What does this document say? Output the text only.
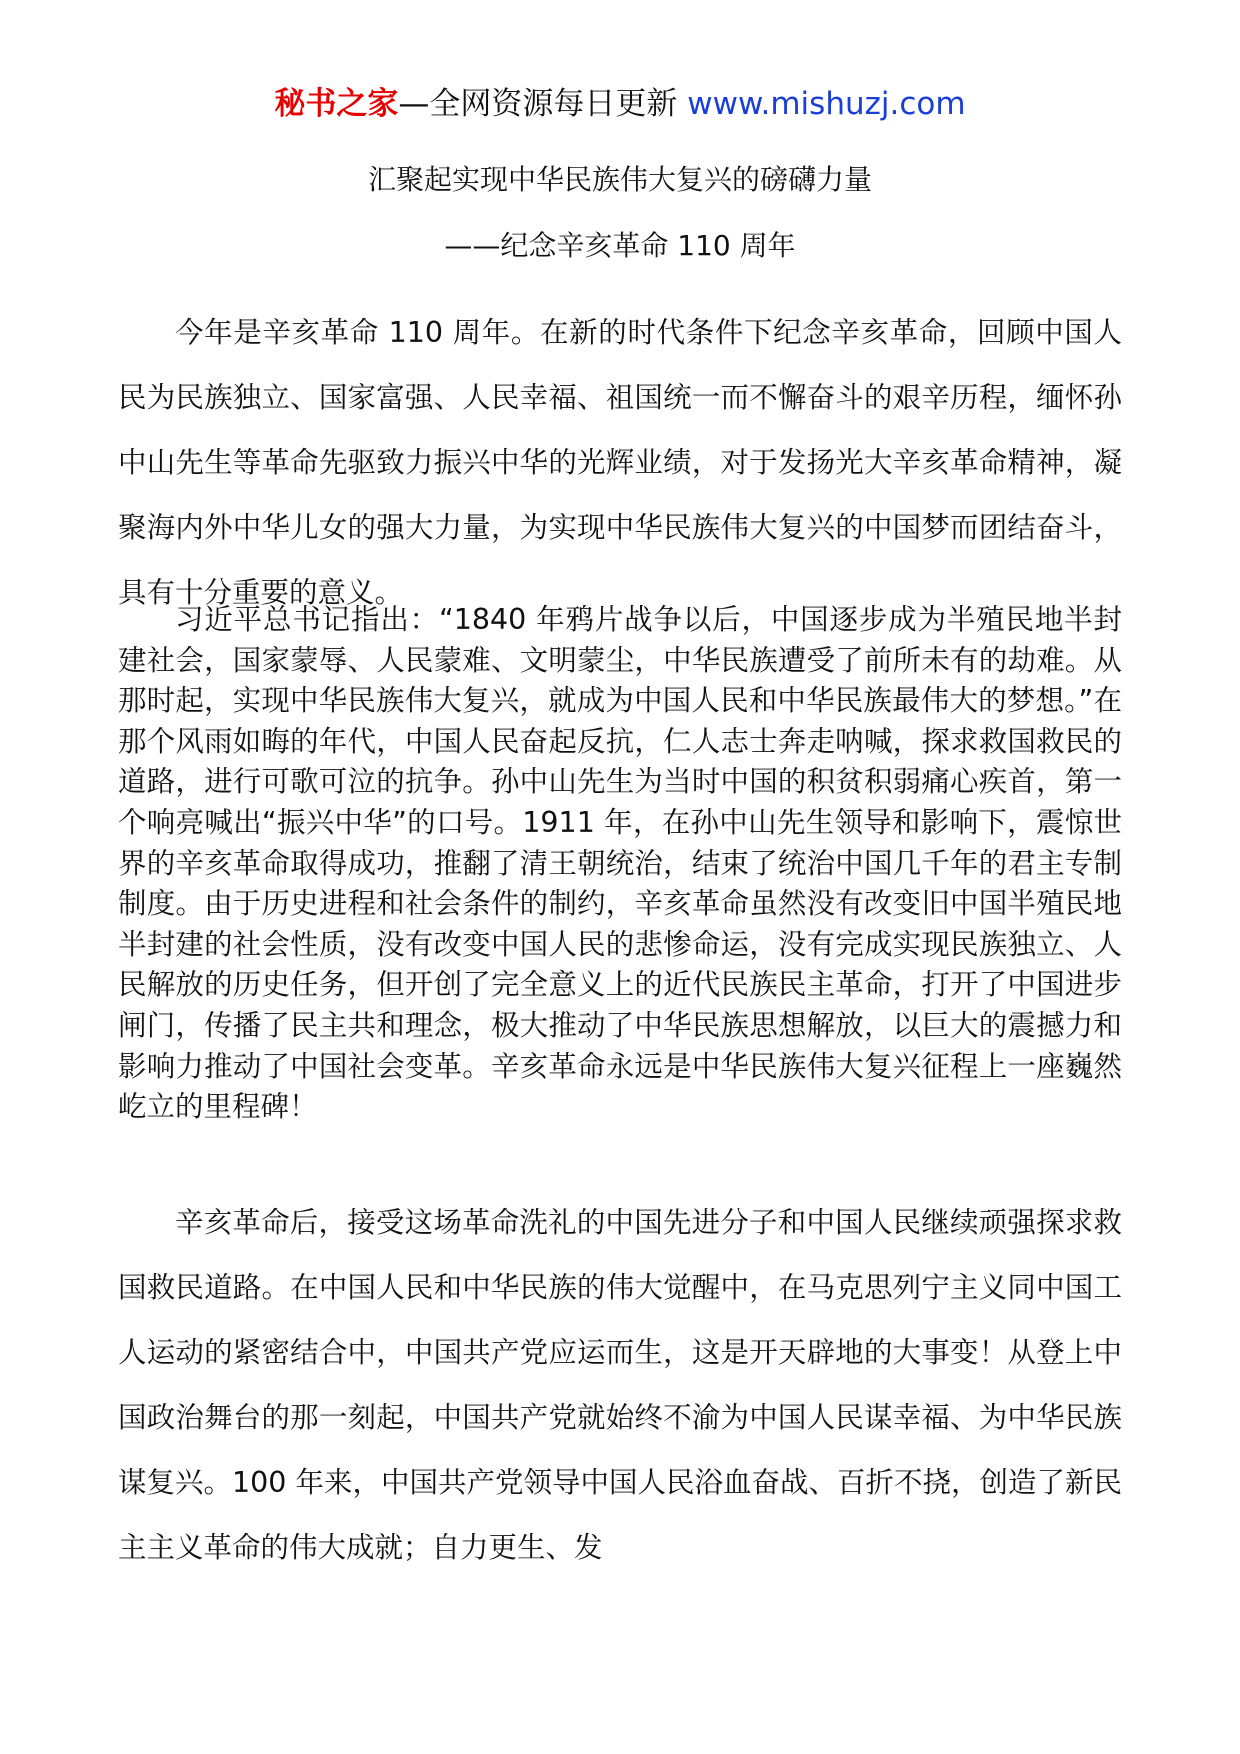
秘书之家—全网资源每日更新 www.mishuzj.com
汇聚起实现中华民族伟大复兴的磅礴力量
——纪念辛亥革命 110 周年

今年是辛亥革命 110 周年。在新的时代条件下纪念辛亥革命，回顾中国人民为民族独立、国家富强、人民幸福、祖国统一而不懈奋斗的艰辛历程，缅怀孙中山先生等革命先驱致力振兴中华的光辉业绩，对于发扬光大辛亥革命精神，凝聚海内外中华儿女的强大力量，为实现中华民族伟大复兴的中国梦而团结奋斗，具有十分重要的意义。

习近平总书记指出：“1840 年鸦片战争以后，中国逐步成为半殖民地半封建社会，国家蒙辱、人民蒙难、文明蒙尘，中华民族遭受了前所未有的劫难。从那时起，实现中华民族伟大复兴，就成为中国人民和中华民族最伟大的梦想。”在那个风雨如晦的年代，中国人民奋起反抗，仁人志士奔走呐喊，探求救国救民的道路，进行可歌可泣的抗争。孙中山先生为当时中国的积贫积弱痛心疾首，第一个响亮喊出“振兴中华”的口号。1911 年，在孙中山先生领导和影响下，震惊世界的辛亥革命取得成功，推翻了清王朝统治，结束了统治中国几千年的君主专制制度。由于历史进程和社会条件的制约，辛亥革命虽然没有改变旧中国半殖民地半封建的社会性质，没有改变中国人民的悲惨命运，没有完成实现民族独立、人民解放的历史任务，但开创了完全意义上的近代民族民主革命，打开了中国进步闸门，传播了民主共和理念，极大推动了中华民族思想解放，以巨大的震撼力和影响力推动了中国社会变革。辛亥革命永远是中华民族伟大复兴征程上一座巍然屹立的里程碑！

辛亥革命后，接受这场革命洗礼的中国先进分子和中国人民继续顽强探求救国救民道路。在中国人民和中华民族的伟大觉醒中，在马克思列宁主义同中国工人运动的紧密结合中，中国共产党应运而生，这是开天辟地的大事变！从登上中国政治舞台的那一刻起，中国共产党就始终不渝为中国人民谋幸福、为中华民族谋复兴。100 年来，中国共产党领导中国人民浴血奋战、百折不挠，创造了新民主主义革命的伟大成就；自力更生、发
